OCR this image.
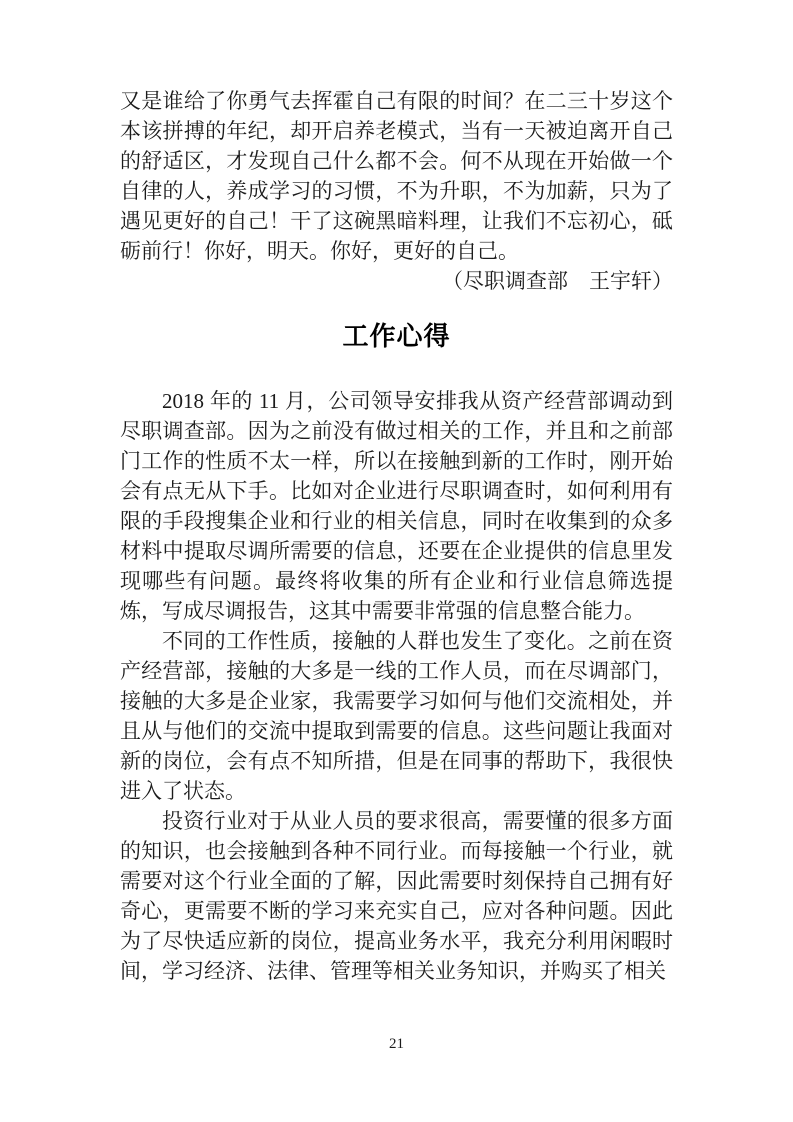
又是谁给了你勇气去挥霍自己有限的时间？在二三十岁这个本该拼搏的年纪，却开启养老模式，当有一天被迫离开自己的舒适区，才发现自己什么都不会。何不从现在开始做一个自律的人，养成学习的习惯，不为升职，不为加薪，只为了遇见更好的自己！干了这碗黑暗料理，让我们不忘初心，砥砺前行！你好，明天。你好，更好的自己。

（尽职调查部　王宇轩）

工作心得

2018 年的 11 月，公司领导安排我从资产经营部调动到尽职调查部。因为之前没有做过相关的工作，并且和之前部门工作的性质不太一样，所以在接触到新的工作时，刚开始会有点无从下手。比如对企业进行尽职调查时，如何利用有限的手段搜集企业和行业的相关信息，同时在收集到的众多材料中提取尽调所需要的信息，还要在企业提供的信息里发现哪些有问题。最终将收集的所有企业和行业信息筛选提炼，写成尽调报告，这其中需要非常强的信息整合能力。

不同的工作性质，接触的人群也发生了变化。之前在资产经营部，接触的大多是一线的工作人员，而在尽调部门，接触的大多是企业家，我需要学习如何与他们交流相处，并且从与他们的交流中提取到需要的信息。这些问题让我面对新的岗位，会有点不知所措，但是在同事的帮助下，我很快进入了状态。

投资行业对于从业人员的要求很高，需要懂的很多方面的知识，也会接触到各种不同行业。而每接触一个行业，就需要对这个行业全面的了解，因此需要时刻保持自己拥有好奇心，更需要不断的学习来充实自己，应对各种问题。因此为了尽快适应新的岗位，提高业务水平，我充分利用闲暇时间，学习经济、法律、管理等相关业务知识，并购买了相关

21
